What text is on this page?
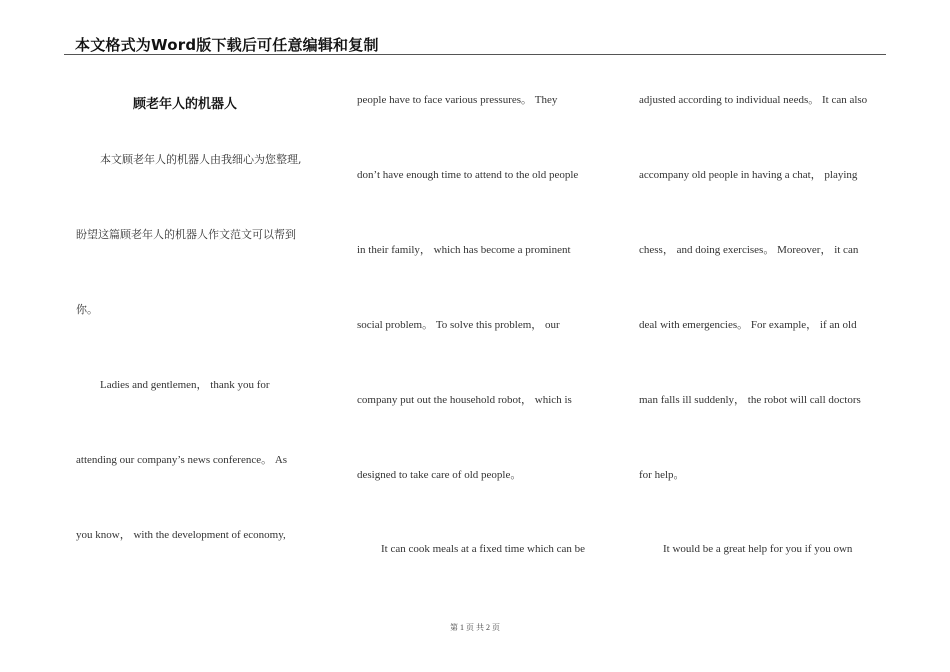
本文格式为Word版下载后可任意编辑和复制
顾老年人的机器人
本文顾老年人的机器人由我细心为您整理,
盼望这篇顾老年人的机器人作文范文可以帮到
你。
Ladies and gentlemen， thank you for
attending our company’s news conference。 As
you know， with the development of economy,
people have to face various pressures。 They
don’t have enough time to attend to the old people
in their family， which has become a prominent
social problem。 To solve this problem， our
company put out the household robot， which is
designed to take care of old people。
It can cook meals at a fixed time which can be
adjusted according to individual needs。 It can also
accompany old people in having a chat， playing
chess， and doing exercises。 Moreover， it can
deal with emergencies。 For example， if an old
man falls ill suddenly， the robot will call doctors
for help。
It would be a great help for you if you own
第 1 页 共 2 页
